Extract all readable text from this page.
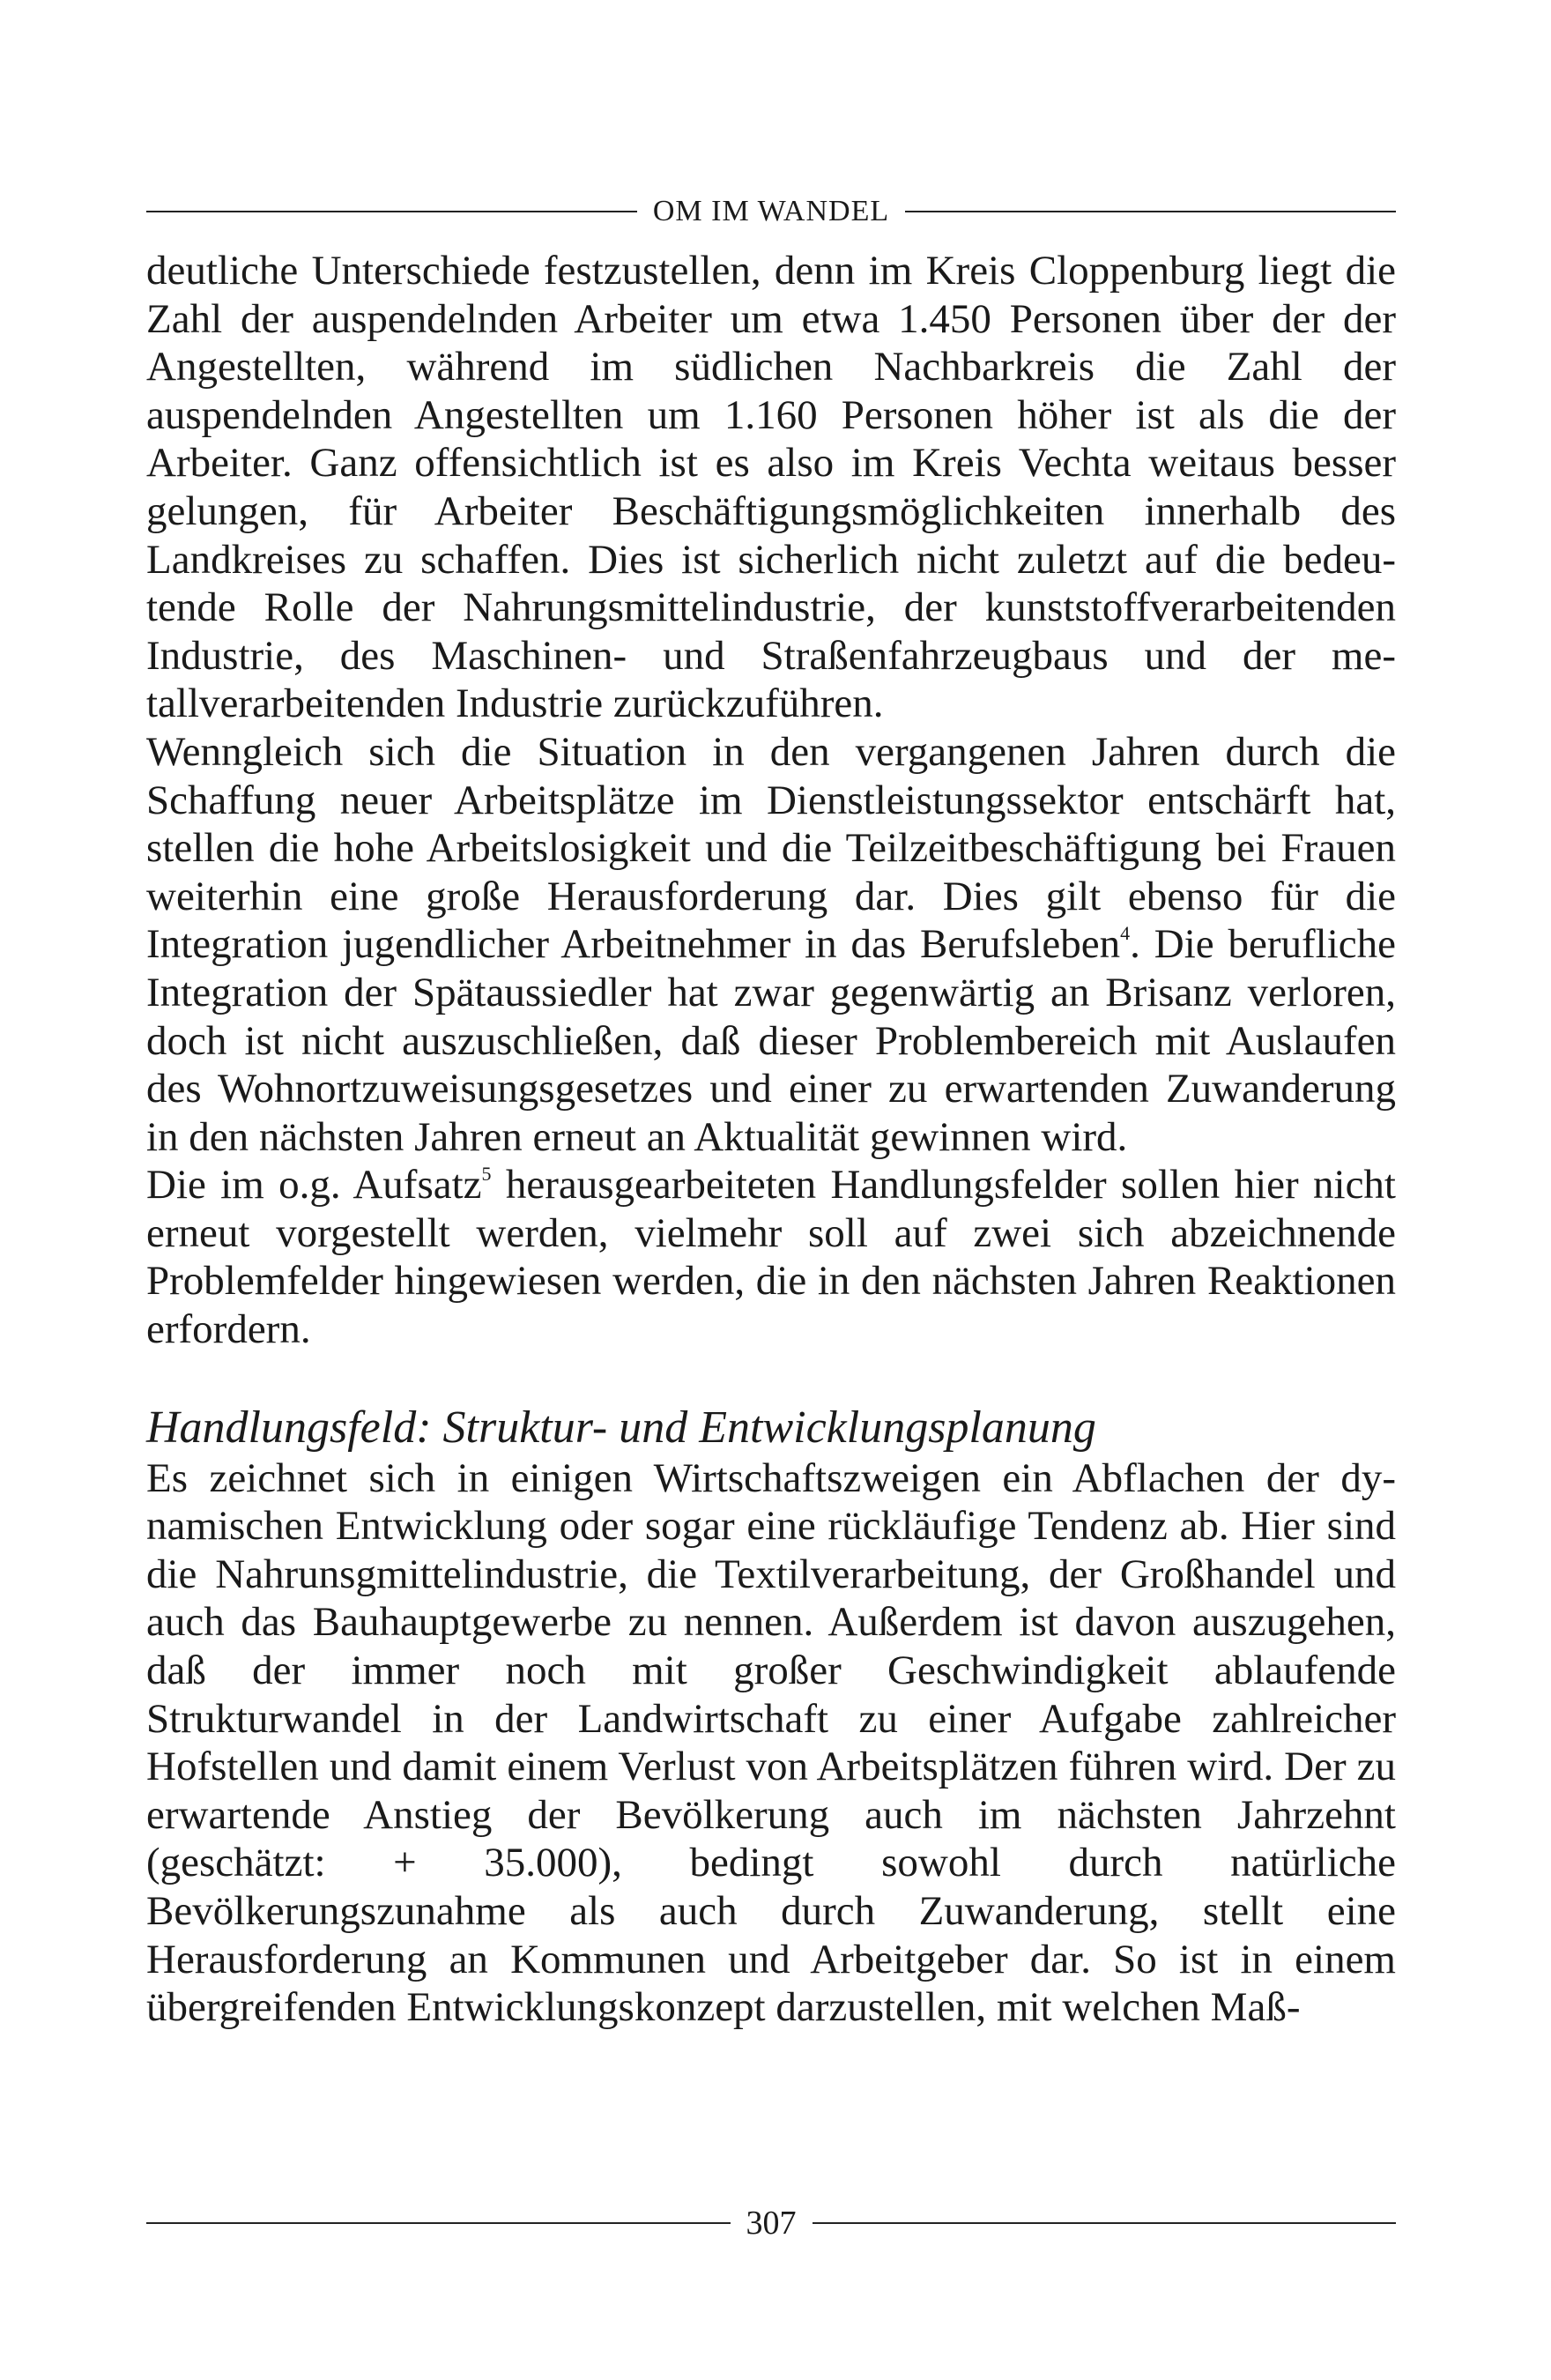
OM IM WANDEL

deutliche Unterschiede festzustellen, denn im Kreis Cloppenburg liegt die Zahl der auspendelnden Arbeiter um etwa 1.450 Personen über der der Angestellten, während im südlichen Nachbarkreis die Zahl der auspendelnden Angestellten um 1.160 Personen höher ist als die der Arbeiter. Ganz offensichtlich ist es also im Kreis Vechta weitaus besser gelungen, für Arbeiter Beschäftigungsmöglichkeiten innerhalb des Landkreises zu schaffen. Dies ist sicherlich nicht zuletzt auf die bedeutende Rolle der Nahrungsmittelindustrie, der kunststoffverarbeitenden Industrie, des Maschinen- und Straßenfahrzeugbaus und der metallverarbeitenden Industrie zurückzuführen.

Wenngleich sich die Situation in den vergangenen Jahren durch die Schaffung neuer Arbeitsplätze im Dienstleistungssektor entschärft hat, stellen die hohe Arbeitslosigkeit und die Teilzeitbeschäftigung bei Frauen weiterhin eine große Herausforderung dar. Dies gilt ebenso für die Integration jugendlicher Arbeitnehmer in das Berufsleben$^4$. Die berufliche Integration der Spätaussiedler hat zwar gegenwärtig an Brisanz verloren, doch ist nicht auszuschließen, daß dieser Problembereich mit Auslaufen des Wohnortzuweisungsgesetzes und einer zu erwartenden Zuwanderung in den nächsten Jahren erneut an Aktualität gewinnen wird.

Die im o.g. Aufsatz$^5$ herausgearbeiteten Handlungsfelder sollen hier nicht erneut vorgestellt werden, vielmehr soll auf zwei sich abzeichnende Problemfelder hingewiesen werden, die in den nächsten Jahren Reaktionen erfordern.

Handlungsfeld: Struktur- und Entwicklungsplanung

Es zeichnet sich in einigen Wirtschaftszweigen ein Abflachen der dynamischen Entwicklung oder sogar eine rückläufige Tendenz ab. Hier sind die Nahrunsgmittelindustrie, die Textilverarbeitung, der Großhandel und auch das Bauhauptgewerbe zu nennen. Außerdem ist davon auszugehen, daß der immer noch mit großer Geschwindigkeit ablaufende Strukturwandel in der Landwirtschaft zu einer Aufgabe zahlreicher Hofstellen und damit einem Verlust von Arbeitsplätzen führen wird. Der zu erwartende Anstieg der Bevölkerung auch im nächsten Jahrzehnt (geschätzt: + 35.000), bedingt sowohl durch natürliche Bevölkerungszunahme als auch durch Zuwanderung, stellt eine Herausforderung an Kommunen und Arbeitgeber dar. So ist in einem übergreifenden Entwicklungskonzept darzustellen, mit welchen Maß-

307
